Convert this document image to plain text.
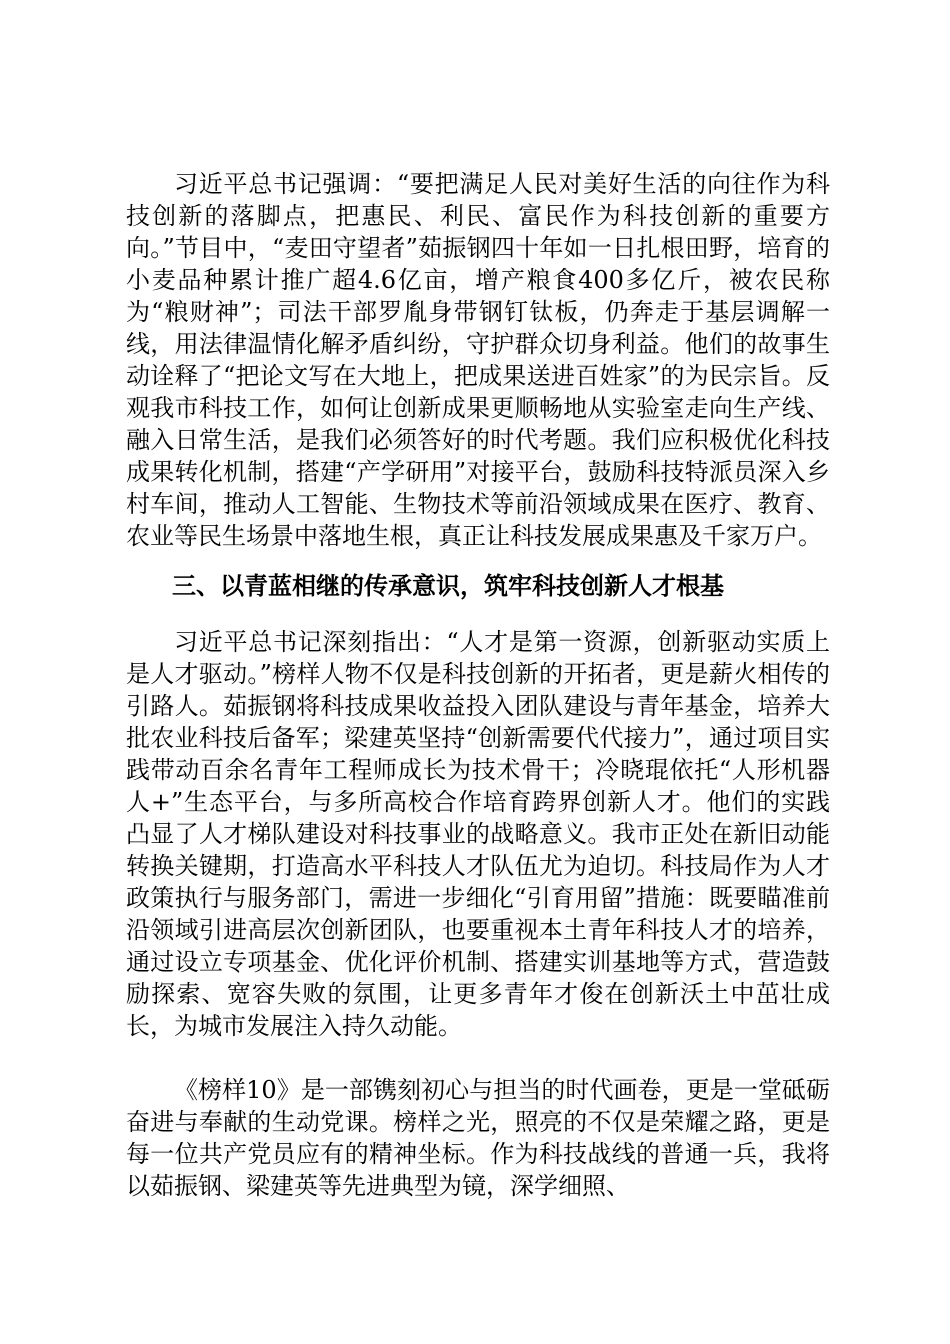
习近平总书记强调：“要把满足人民对美好生活的向往作为科技创新的落脚点，把惠民、利民、富民作为科技创新的重要方向。”节目中，“麦田守望者”茹振钢四十年如一日扎根田野，培育的小麦品种累计推广超4.6亿亩，增产粮食400多亿斤，被农民称为“粮财神”；司法干部罗胤身带钢钉钛板，仍奔走于基层调解一线，用法律温情化解矛盾纠纷，守护群众切身利益。他们的故事生动诠释了“把论文写在大地上，把成果送进百姓家”的为民宗旨。反观我市科技工作，如何让创新成果更顺畅地从实验室走向生产线、融入日常生活，是我们必须答好的时代考题。我们应积极优化科技成果转化机制，搭建“产学研用”对接平台，鼓励科技特派员深入乡村车间，推动人工智能、生物技术等前沿领域成果在医疗、教育、农业等民生场景中落地生根，真正让科技发展成果惠及千家万户。

三、以青蓝相继的传承意识，筑牢科技创新人才根基

习近平总书记深刻指出：“人才是第一资源，创新驱动实质上是人才驱动。”榜样人物不仅是科技创新的开拓者，更是薪火相传的引路人。茹振钢将科技成果收益投入团队建设与青年基金，培养大批农业科技后备军；梁建英坚持“创新需要代代接力”，通过项目实践带动百余名青年工程师成长为技术骨干；冷晓琨依托“人形机器人+”生态平台，与多所高校合作培育跨界创新人才。他们的实践凸显了人才梯队建设对科技事业的战略意义。我市正处在新旧动能转换关键期，打造高水平科技人才队伍尤为迫切。科技局作为人才政策执行与服务部门，需进一步细化“引育用留”措施：既要瞄准前沿领域引进高层次创新团队，也要重视本土青年科技人才的培养，通过设立专项基金、优化评价机制、搭建实训基地等方式，营造鼓励探索、宽容失败的氛围，让更多青年才俊在创新沃土中茁壮成长，为城市发展注入持久动能。

《榜样10》是一部镌刻初心与担当的时代画卷，更是一堂砥砺奋进与奉献的生动党课。榜样之光，照亮的不仅是荣耀之路，更是每一位共产党员应有的精神坐标。作为科技战线的普通一兵，我将以茹振钢、梁建英等先进典型为镜，深学细照、
